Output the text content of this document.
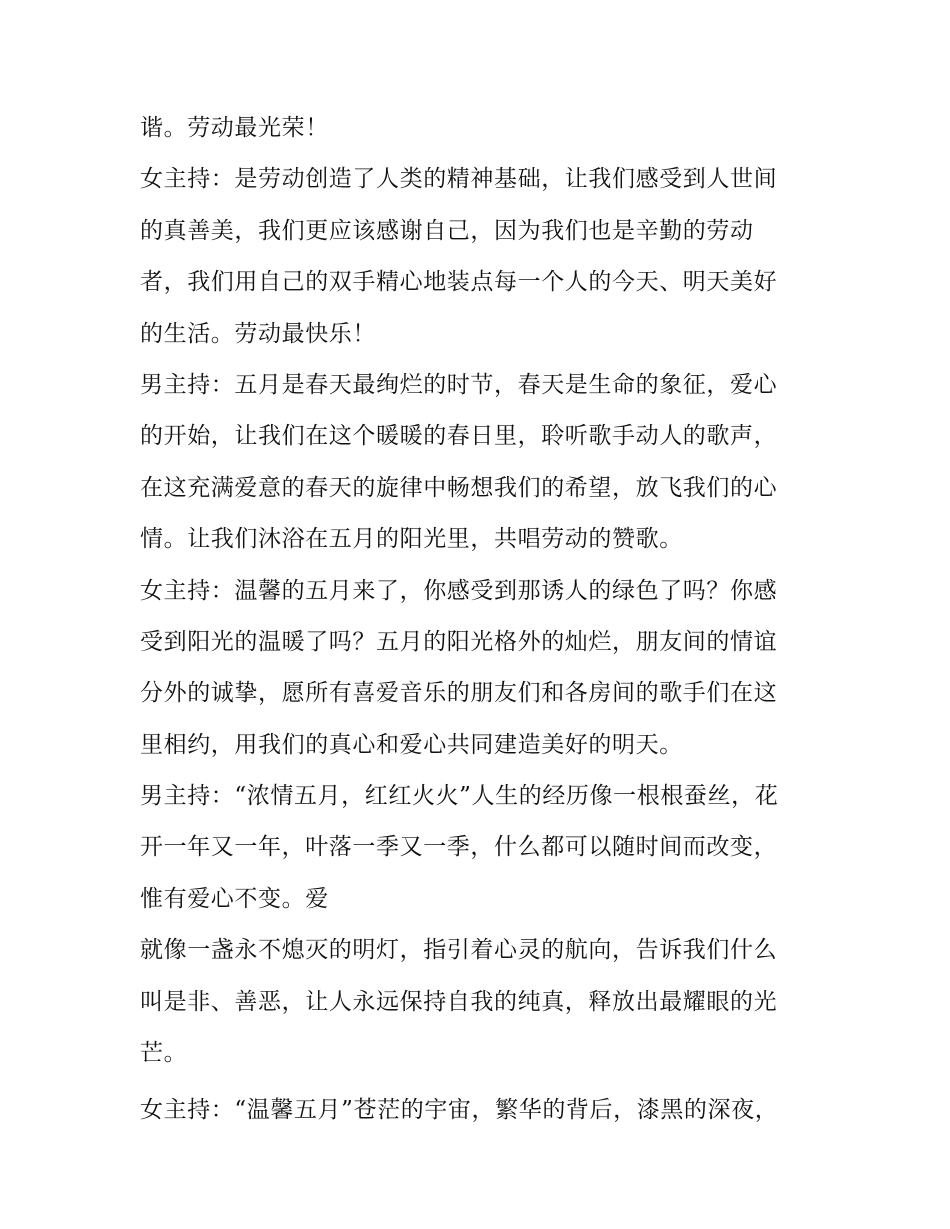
谐。劳动最光荣！
女主持：是劳动创造了人类的精神基础，让我们感受到人世间
的真善美，我们更应该感谢自己，因为我们也是辛勤的劳动
者，我们用自己的双手精心地装点每一个人的今天、明天美好
的生活。劳动最快乐！
男主持：五月是春天最绚烂的时节，春天是生命的象征，爱心
的开始，让我们在这个暖暖的春日里，聆听歌手动人的歌声，
在这充满爱意的春天的旋律中畅想我们的希望，放飞我们的心
情。让我们沐浴在五月的阳光里，共唱劳动的赞歌。
女主持：温馨的五月来了，你感受到那诱人的绿色了吗？你感
受到阳光的温暖了吗？五月的阳光格外的灿烂，朋友间的情谊
分外的诚挚，愿所有喜爱音乐的朋友们和各房间的歌手们在这
里相约，用我们的真心和爱心共同建造美好的明天。
男主持：“浓情五月，红红火火”人生的经历像一根根蚕丝，花
开一年又一年，叶落一季又一季，什么都可以随时间而改变，
惟有爱心不变。爱
就像一盏永不熄灭的明灯，指引着心灵的航向，告诉我们什么
叫是非、善恶，让人永远保持自我的纯真，释放出最耀眼的光
芒。
女主持：“温馨五月”苍茫的宇宙，繁华的背后，漆黑的深夜，
